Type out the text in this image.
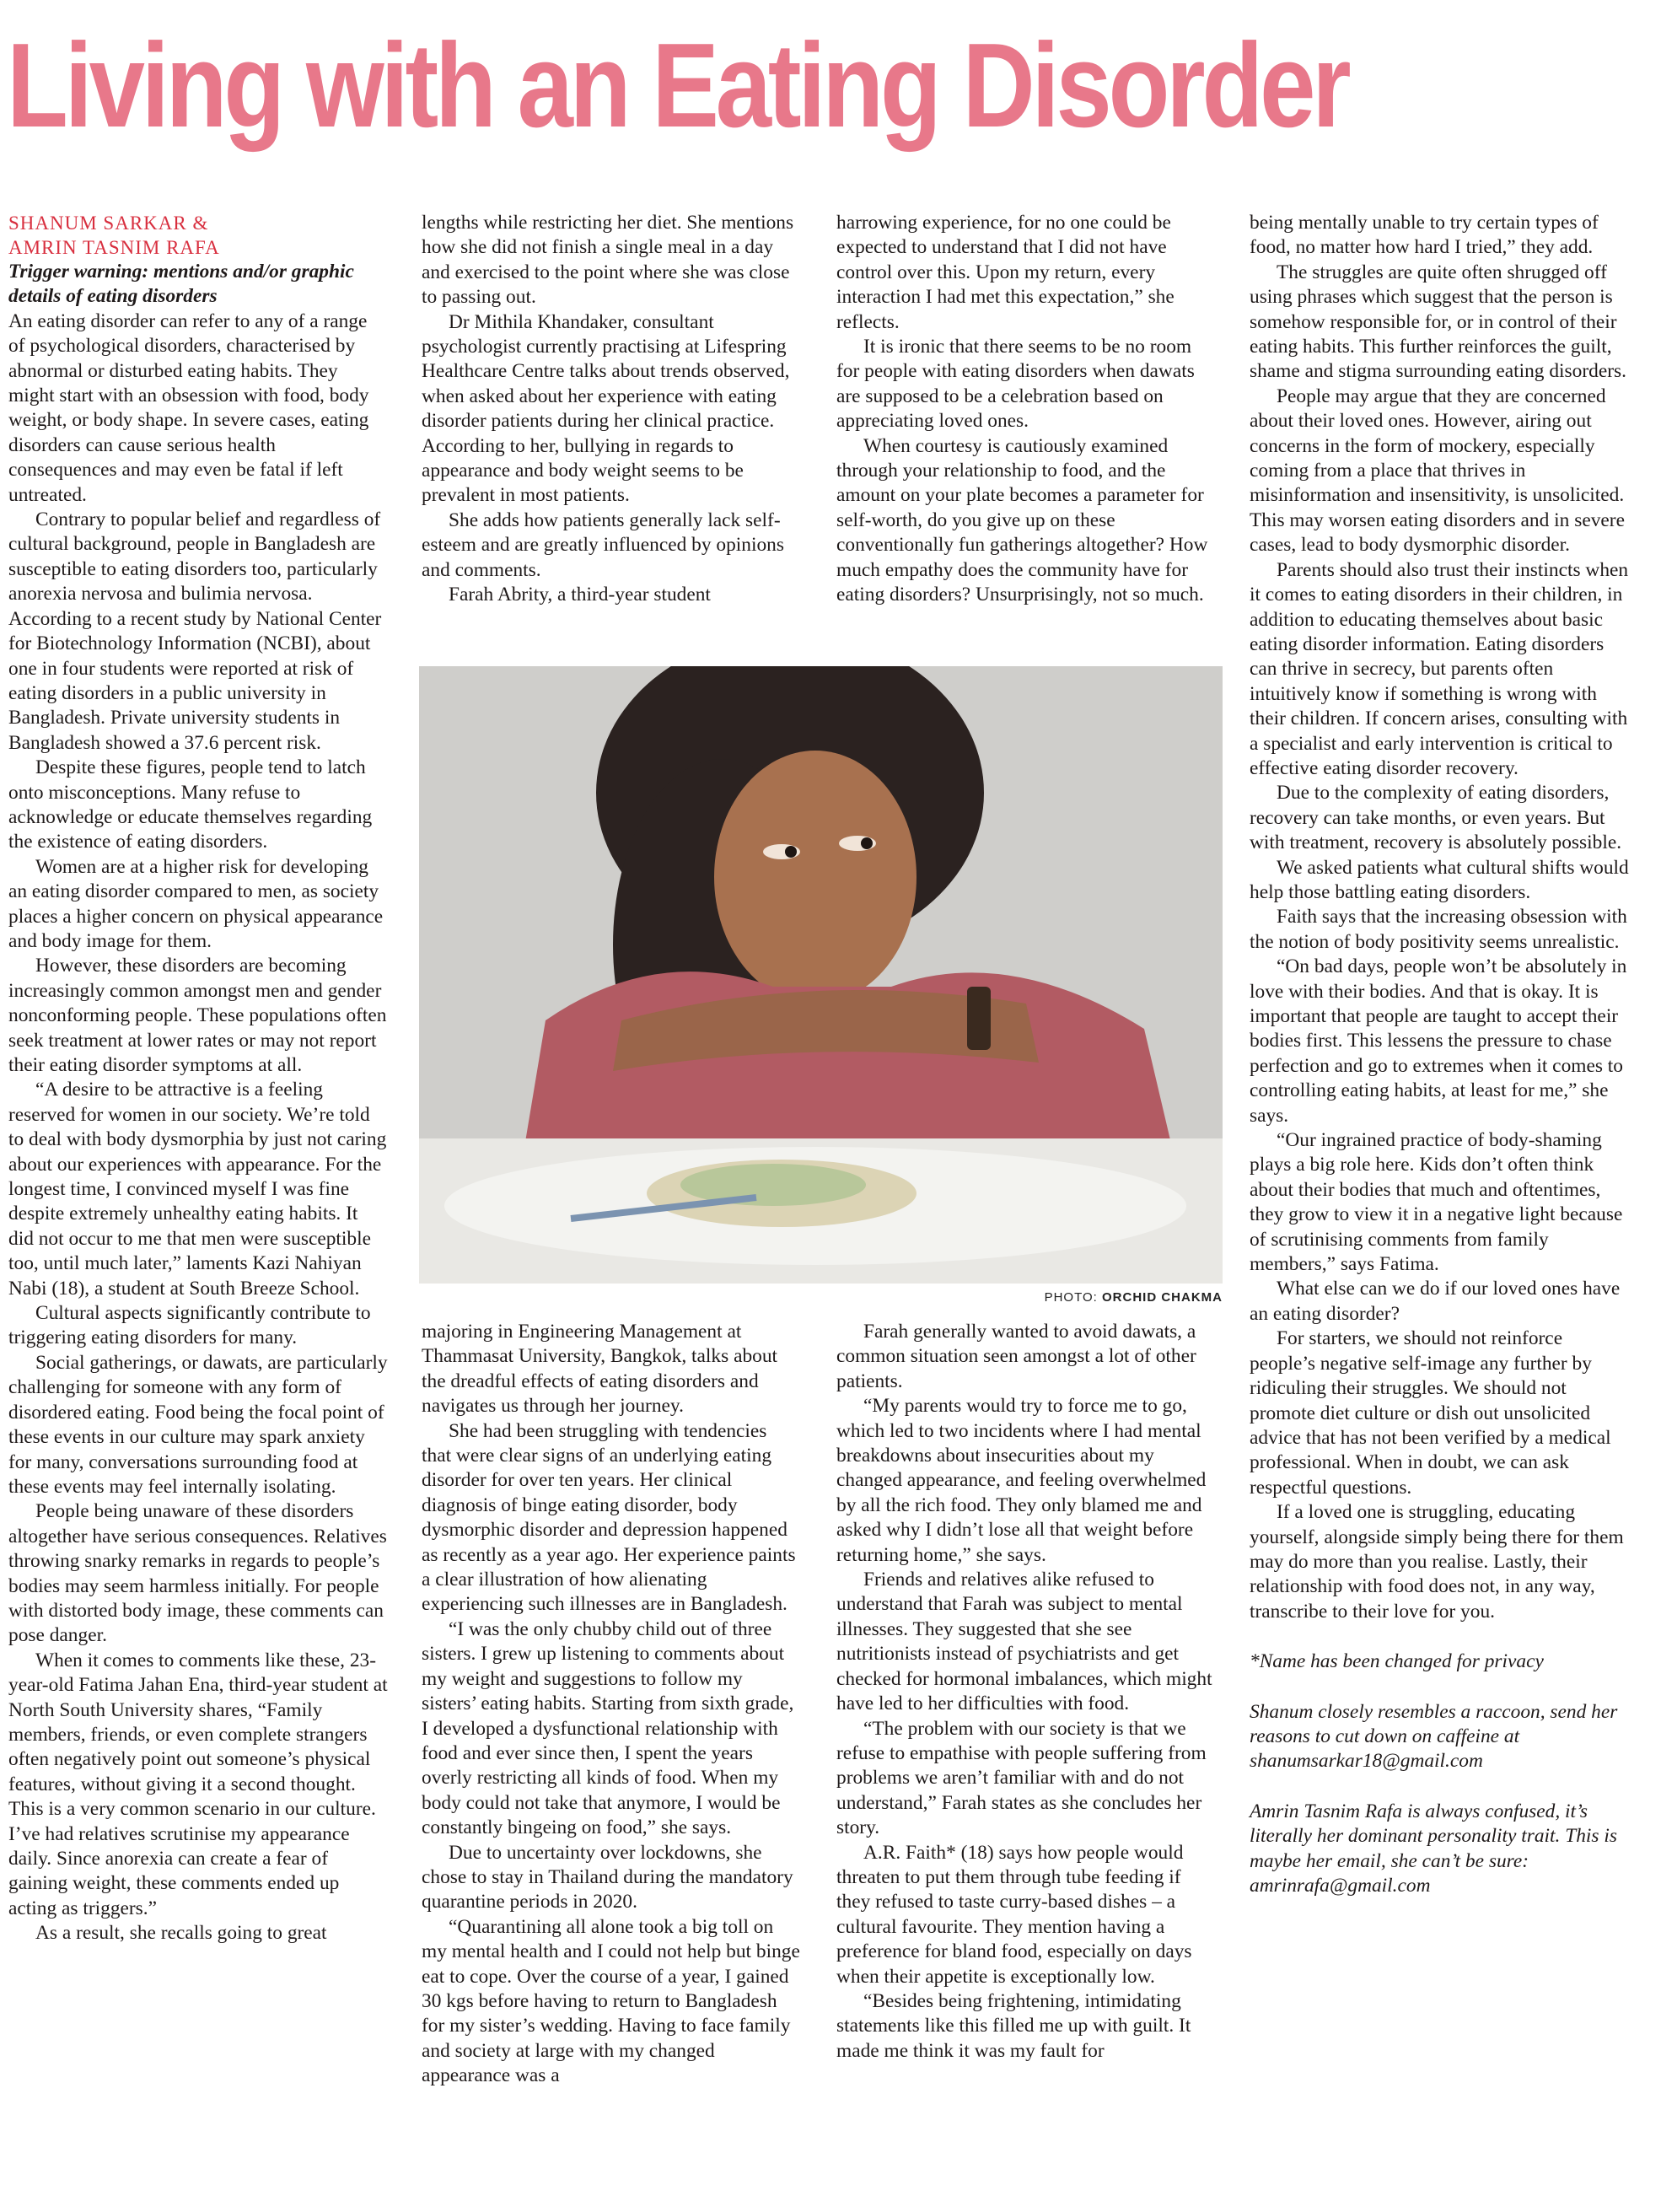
Living with an Eating Disorder

SHANUM SARKAR &
AMRIN TASNIM RAFA

Trigger warning: mentions and/or graphic details of eating disorders

An eating disorder can refer to any of a range of psychological disorders, characterised by abnormal or disturbed eating habits. They might start with an obsession with food, body weight, or body shape. In severe cases, eating disorders can cause serious health consequences and may even be fatal if left untreated.

Contrary to popular belief and regardless of cultural background, people in Bangladesh are susceptible to eating disorders too, particularly anorexia nervosa and bulimia nervosa. According to a recent study by National Center for Biotechnology Information (NCBI), about one in four students were reported at risk of eating disorders in a public university in Bangladesh. Private university students in Bangladesh showed a 37.6 percent risk.

Despite these figures, people tend to latch onto misconceptions. Many refuse to acknowledge or educate themselves regarding the existence of eating disorders.

Women are at a higher risk for developing an eating disorder compared to men, as society places a higher concern on physical appearance and body image for them.

However, these disorders are becoming increasingly common amongst men and gender nonconforming people. These populations often seek treatment at lower rates or may not report their eating disorder symptoms at all.

“A desire to be attractive is a feeling reserved for women in our society. We’re told to deal with body dysmorphia by just not caring about our experiences with appearance. For the longest time, I convinced myself I was fine despite extremely unhealthy eating habits. It did not occur to me that men were susceptible too, until much later,” laments Kazi Nahiyan Nabi (18), a student at South Breeze School.

Cultural aspects significantly contribute to triggering eating disorders for many.

Social gatherings, or dawats, are particularly challenging for someone with any form of disordered eating. Food being the focal point of these events in our culture may spark anxiety for many, conversations surrounding food at these events may feel internally isolating.

People being unaware of these disorders altogether have serious consequences. Relatives throwing snarky remarks in regards to people’s bodies may seem harmless initially. For people with distorted body image, these comments can pose danger.

When it comes to comments like these, 23-year-old Fatima Jahan Ena, third-year student at North South University shares, “Family members, friends, or even complete strangers often negatively point out someone’s physical features, without giving it a second thought. This is a very common scenario in our culture. I’ve had relatives scrutinise my appearance daily. Since anorexia can create a fear of gaining weight, these comments ended up acting as triggers.”

As a result, she recalls going to great

lengths while restricting her diet. She mentions how she did not finish a single meal in a day and exercised to the point where she was close to passing out.

Dr Mithila Khandaker, consultant psychologist currently practising at Lifespring Healthcare Centre talks about trends observed, when asked about her experience with eating disorder patients during her clinical practice. According to her, bullying in regards to appearance and body weight seems to be prevalent in most patients.

She adds how patients generally lack self-esteem and are greatly influenced by opinions and comments.

Farah Abrity, a third-year student

harrowing experience, for no one could be expected to understand that I did not have control over this. Upon my return, every interaction I had met this expectation,” she reflects.

It is ironic that there seems to be no room for people with eating disorders when dawats are supposed to be a celebration based on appreciating loved ones.

When courtesy is cautiously examined through your relationship to food, and the amount on your plate becomes a parameter for self-worth, do you give up on these conventionally fun gatherings altogether? How much empathy does the community have for eating disorders? Unsurprisingly, not so much.

PHOTO: ORCHID CHAKMA

majoring in Engineering Management at Thammasat University, Bangkok, talks about the dreadful effects of eating disorders and navigates us through her journey.

She had been struggling with tendencies that were clear signs of an underlying eating disorder for over ten years. Her clinical diagnosis of binge eating disorder, body dysmorphic disorder and depression happened as recently as a year ago. Her experience paints a clear illustration of how alienating experiencing such illnesses are in Bangladesh.

“I was the only chubby child out of three sisters. I grew up listening to comments about my weight and suggestions to follow my sisters’ eating habits. Starting from sixth grade, I developed a dysfunctional relationship with food and ever since then, I spent the years overly restricting all kinds of food. When my body could not take that anymore, I would be constantly bingeing on food,” she says.

Due to uncertainty over lockdowns, she chose to stay in Thailand during the mandatory quarantine periods in 2020.

“Quarantining all alone took a big toll on my mental health and I could not help but binge eat to cope. Over the course of a year, I gained 30 kgs before having to return to Bangladesh for my sister’s wedding. Having to face family and society at large with my changed appearance was a

Farah generally wanted to avoid dawats, a common situation seen amongst a lot of other patients.

“My parents would try to force me to go, which led to two incidents where I had mental breakdowns about insecurities about my changed appearance, and feeling overwhelmed by all the rich food. They only blamed me and asked why I didn’t lose all that weight before returning home,” she says.

Friends and relatives alike refused to understand that Farah was subject to mental illnesses. They suggested that she see nutritionists instead of psychiatrists and get checked for hormonal imbalances, which might have led to her difficulties with food.

“The problem with our society is that we refuse to empathise with people suffering from problems we aren’t familiar with and do not understand,” Farah states as she concludes her story.

A.R. Faith* (18) says how people would threaten to put them through tube feeding if they refused to taste curry-based dishes – a cultural favourite. They mention having a preference for bland food, especially on days when their appetite is exceptionally low.

“Besides being frightening, intimidating statements like this filled me up with guilt. It made me think it was my fault for

being mentally unable to try certain types of food, no matter how hard I tried,” they add.

The struggles are quite often shrugged off using phrases which suggest that the person is somehow responsible for, or in control of their eating habits. This further reinforces the guilt, shame and stigma surrounding eating disorders.

People may argue that they are concerned about their loved ones. However, airing out concerns in the form of mockery, especially coming from a place that thrives in misinformation and insensitivity, is unsolicited. This may worsen eating disorders and in severe cases, lead to body dysmorphic disorder.

Parents should also trust their instincts when it comes to eating disorders in their children, in addition to educating themselves about basic eating disorder information. Eating disorders can thrive in secrecy, but parents often intuitively know if something is wrong with their children. If concern arises, consulting with a specialist and early intervention is critical to effective eating disorder recovery.

Due to the complexity of eating disorders, recovery can take months, or even years. But with treatment, recovery is absolutely possible.

We asked patients what cultural shifts would help those battling eating disorders.

Faith says that the increasing obsession with the notion of body positivity seems unrealistic.

“On bad days, people won’t be absolutely in love with their bodies. And that is okay. It is important that people are taught to accept their bodies first. This lessens the pressure to chase perfection and go to extremes when it comes to controlling eating habits, at least for me,” she says.

“Our ingrained practice of body-shaming plays a big role here. Kids don’t often think about their bodies that much and oftentimes, they grow to view it in a negative light because of scrutinising comments from family members,” says Fatima.

What else can we do if our loved ones have an eating disorder?

For starters, we should not reinforce people’s negative self-image any further by ridiculing their struggles. We should not promote diet culture or dish out unsolicited advice that has not been verified by a medical professional. When in doubt, we can ask respectful questions.

If a loved one is struggling, educating yourself, alongside simply being there for them may do more than you realise. Lastly, their relationship with food does not, in any way, transcribe to their love for you.

*Name has been changed for privacy

Shanum closely resembles a raccoon, send her reasons to cut down on caffeine at shanumsarkar18@gmail.com

Amrin Tasnim Rafa is always confused, it’s literally her dominant personality trait. This is maybe her email, she can’t be sure: amrinrafa@gmail.com
